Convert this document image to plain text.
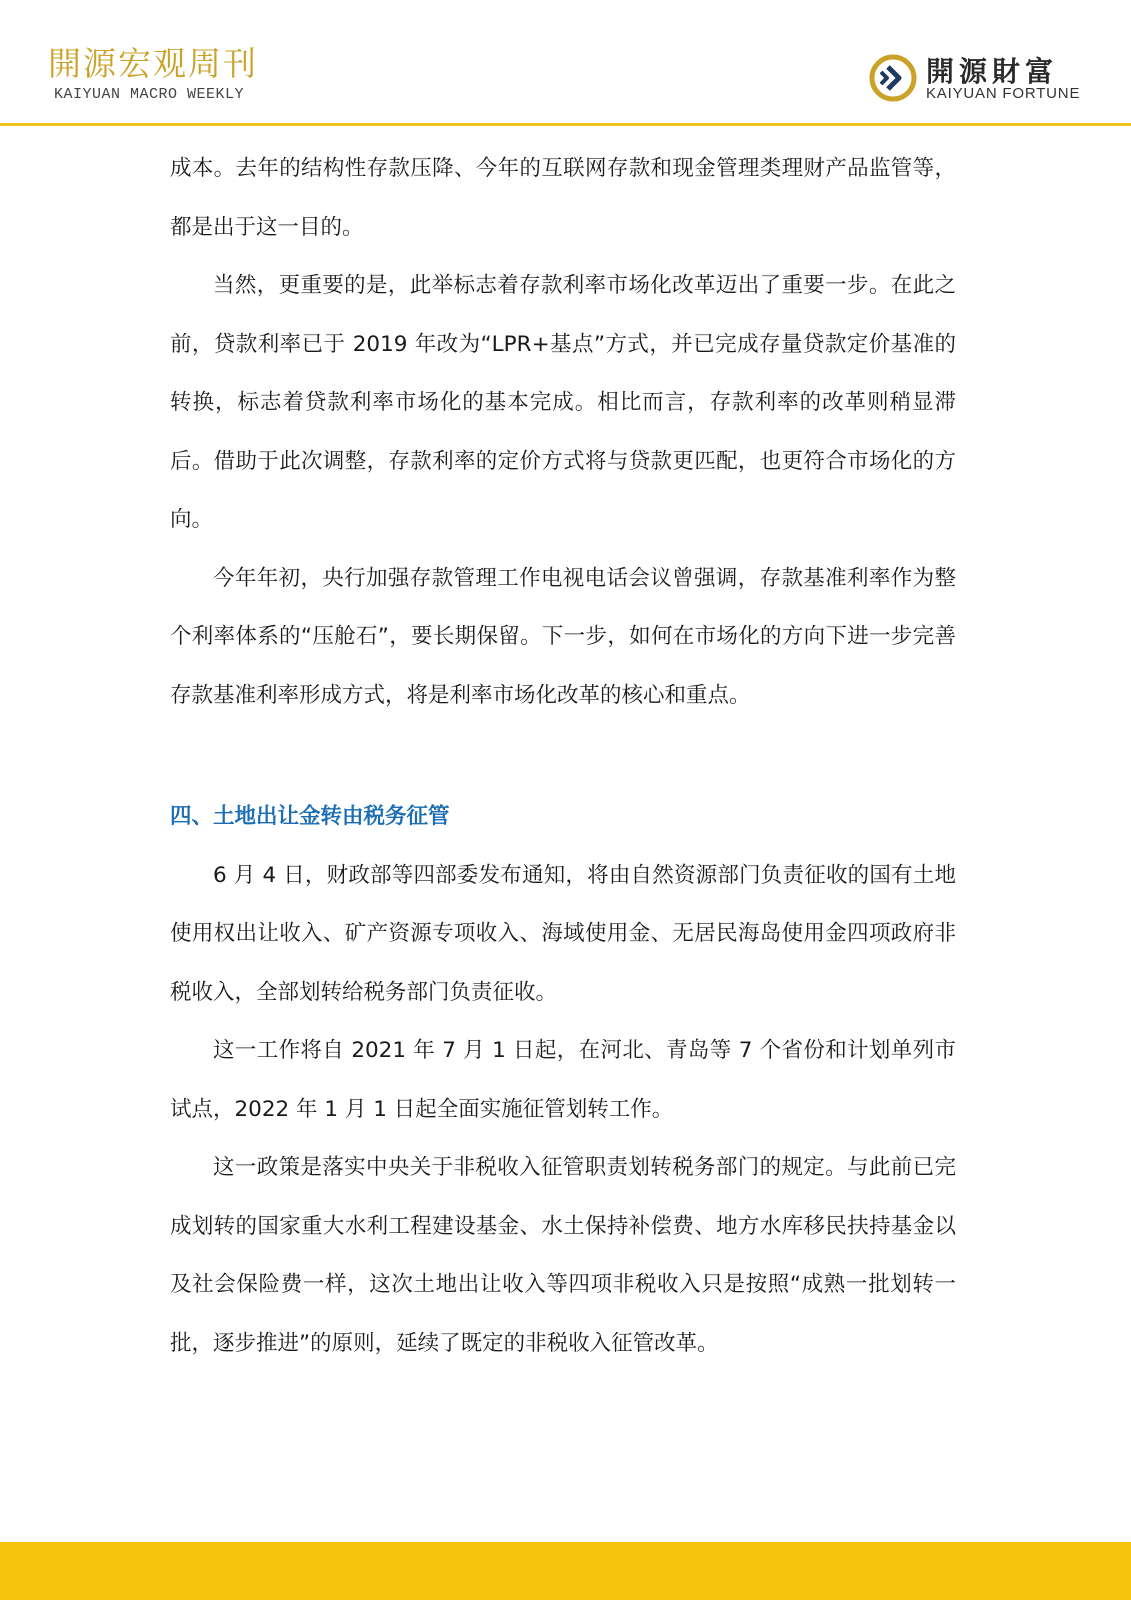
開源宏观周刊
KAIYUAN MACRO WEEKLY
開源財富
KAIYUAN FORTUNE

成本。去年的结构性存款压降、今年的互联网存款和现金管理类理财产品监管等，都是出于这一目的。

当然，更重要的是，此举标志着存款利率市场化改革迈出了重要一步。在此之前，贷款利率已于 2019 年改为“LPR+基点”方式，并已完成存量贷款定价基准的转换，标志着贷款利率市场化的基本完成。相比而言，存款利率的改革则稍显滞后。借助于此次调整，存款利率的定价方式将与贷款更匹配，也更符合市场化的方向。

今年年初，央行加强存款管理工作电视电话会议曾强调，存款基准利率作为整个利率体系的“压舱石”，要长期保留。下一步，如何在市场化的方向下进一步完善存款基准利率形成方式，将是利率市场化改革的核心和重点。

四、土地出让金转由税务征管

6 月 4 日，财政部等四部委发布通知，将由自然资源部门负责征收的国有土地使用权出让收入、矿产资源专项收入、海域使用金、无居民海岛使用金四项政府非税收入，全部划转给税务部门负责征收。

这一工作将自 2021 年 7 月 1 日起，在河北、青岛等 7 个省份和计划单列市试点，2022 年 1 月 1 日起全面实施征管划转工作。

这一政策是落实中央关于非税收入征管职责划转税务部门的规定。与此前已完成划转的国家重大水利工程建设基金、水土保持补偿费、地方水库移民扶持基金以及社会保险费一样，这次土地出让收入等四项非税收入只是按照“成熟一批划转一批，逐步推进”的原则，延续了既定的非税收入征管改革。
